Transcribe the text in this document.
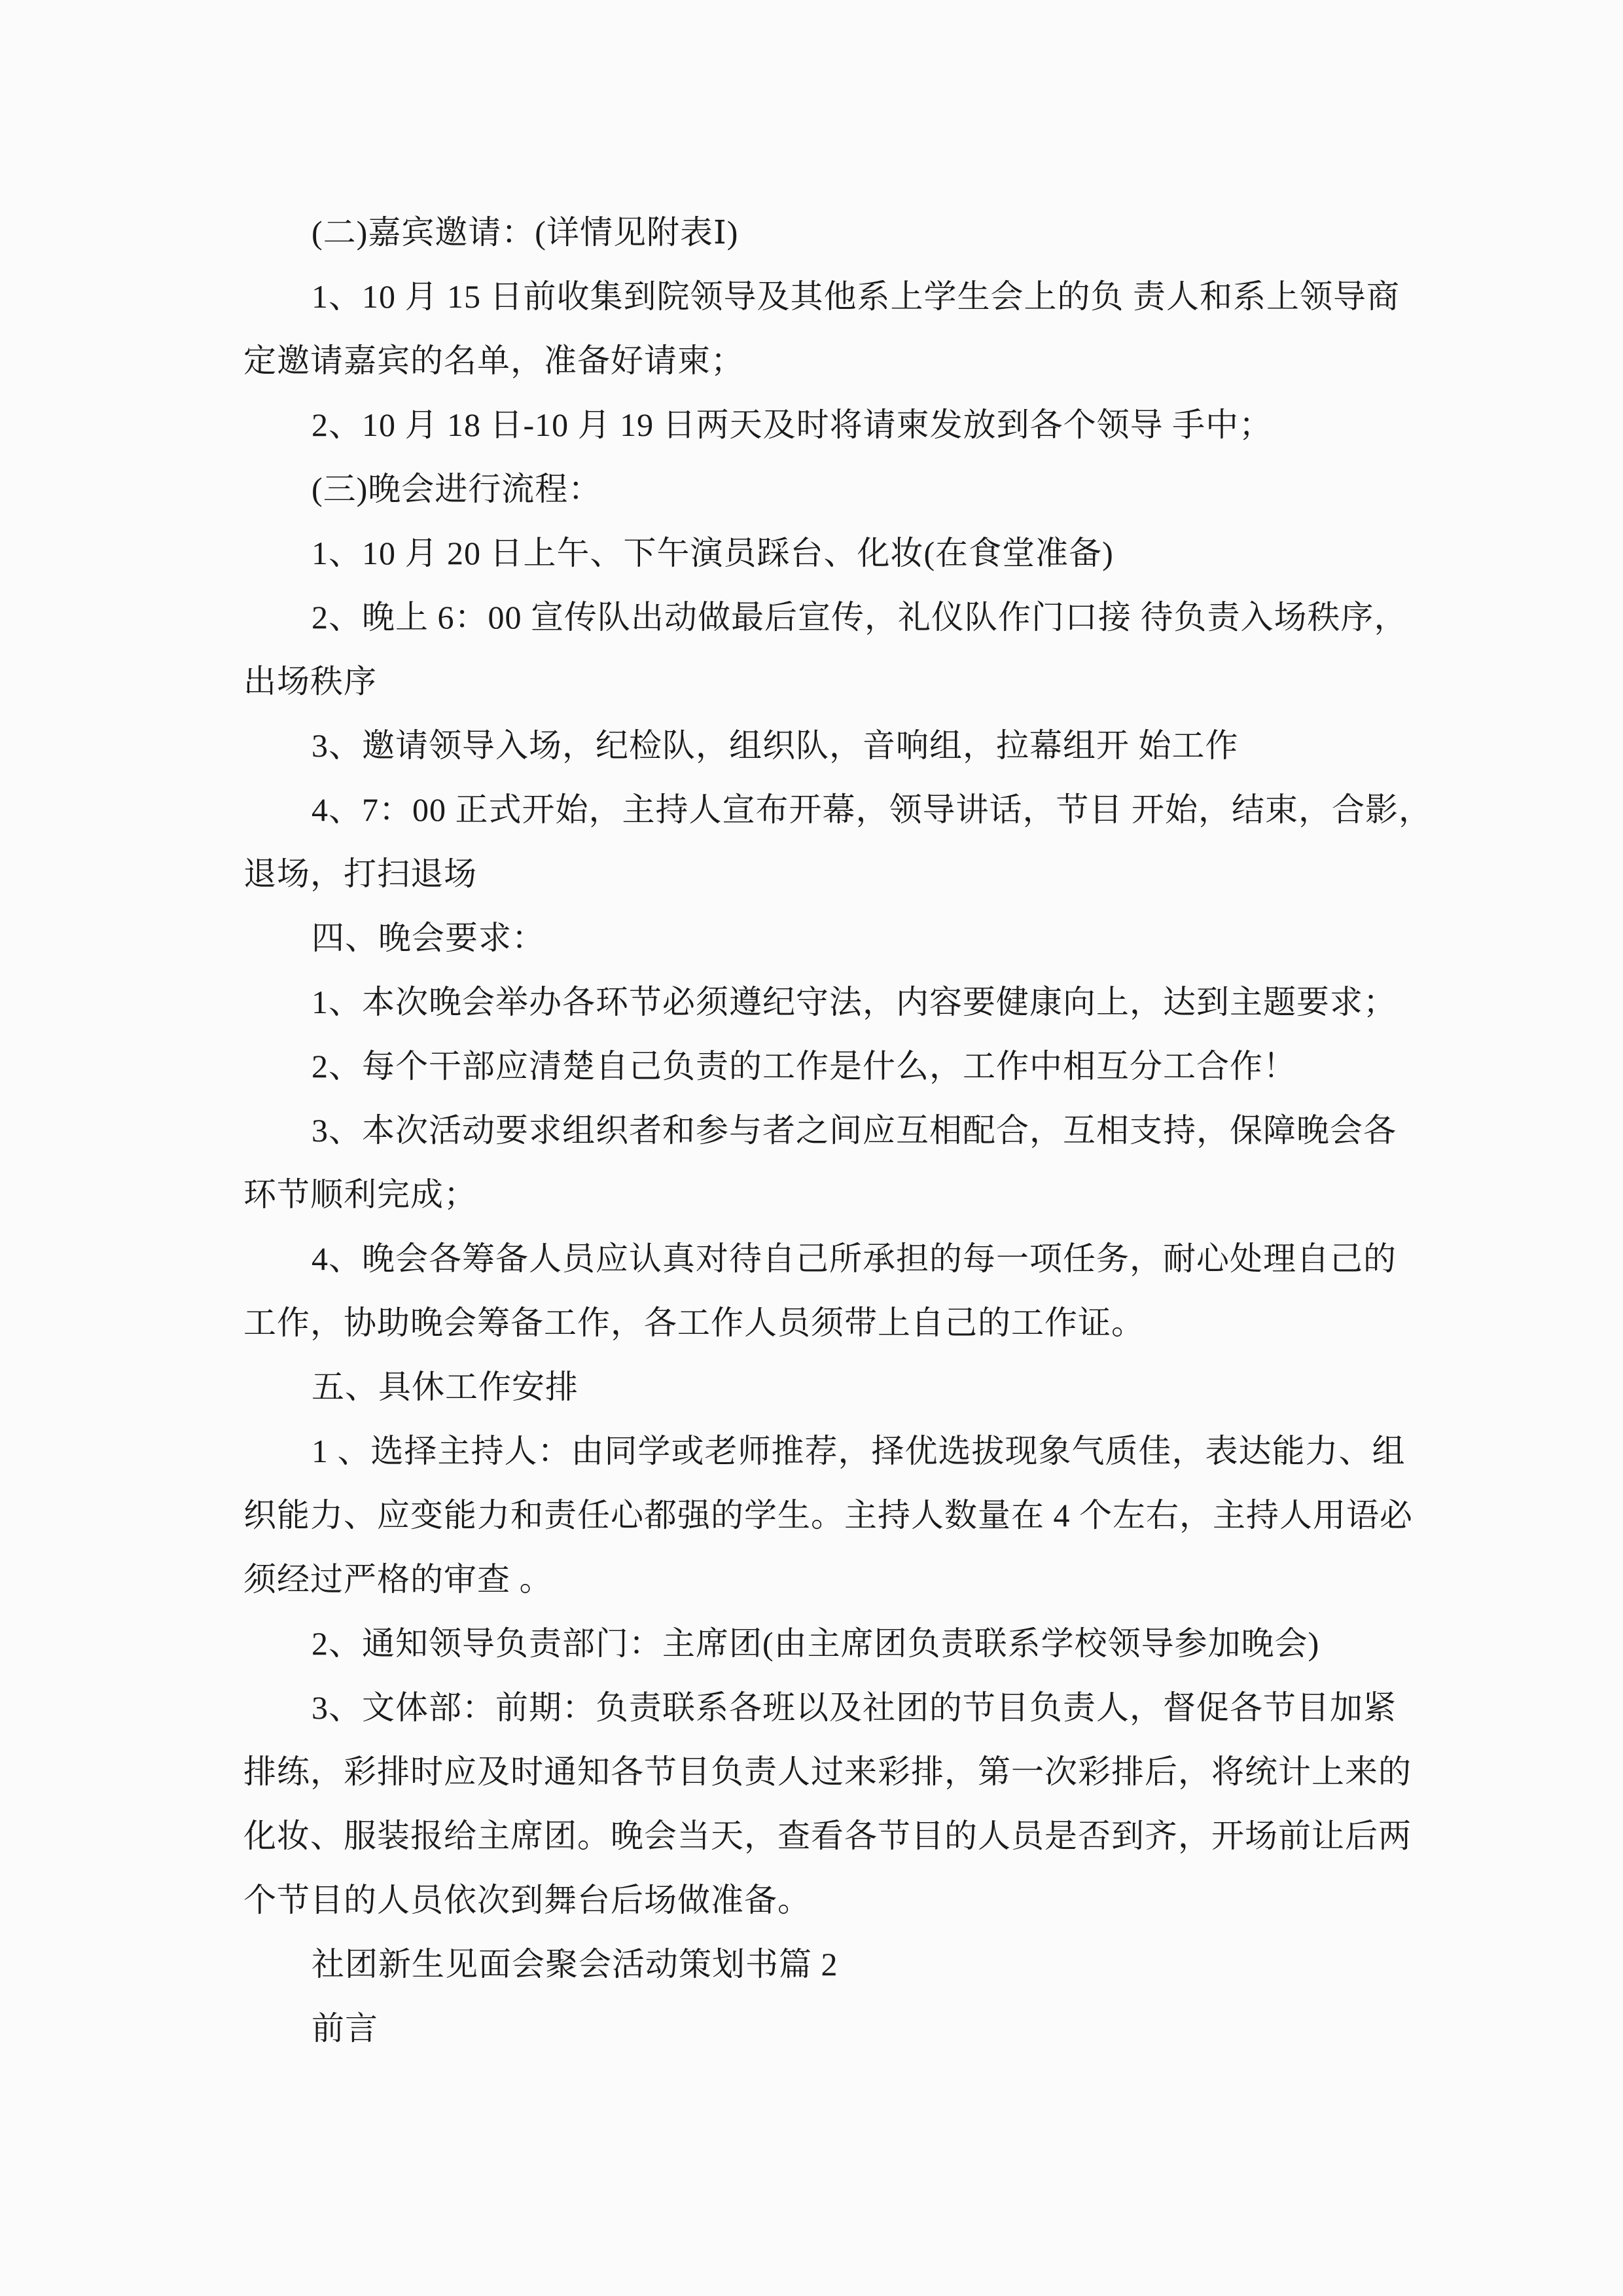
(二)嘉宾邀请：(详情见附表Ⅰ)
1、10 月 15 日前收集到院领导及其他系上学生会上的负 责人和系上领导商
定邀请嘉宾的名单，准备好请柬；
2、10 月 18 日-10 月 19 日两天及时将请柬发放到各个领导 手中；
(三)晚会进行流程：
1、10 月 20 日上午、下午演员踩台、化妆(在食堂准备)
2、晚上 6：00 宣传队出动做最后宣传，礼仪队作门口接 待负责入场秩序，
出场秩序
3、邀请领导入场，纪检队，组织队，音响组，拉幕组开 始工作
4、7：00 正式开始，主持人宣布开幕，领导讲话，节目 开始，结束，合影，
退场，打扫退场
四、晚会要求：
1、本次晚会举办各环节必须遵纪守法，内容要健康向上，达到主题要求；
2、每个干部应清楚自己负责的工作是什么，工作中相互分工合作！
3、本次活动要求组织者和参与者之间应互相配合，互相支持，保障晚会各
环节顺利完成；
4、晚会各筹备人员应认真对待自己所承担的每一项任务，耐心处理自己的
工作，协助晚会筹备工作，各工作人员须带上自己的工作证。
五、具休工作安排
1 、选择主持人：由同学或老师推荐，择优选拔现象气质佳，表达能力、组
织能力、应变能力和责任心都强的学生。主持人数量在 4 个左右，主持人用语必
须经过严格的审查 。
2、通知领导负责部门：主席团(由主席团负责联系学校领导参加晚会)
3、文体部：前期：负责联系各班以及社团的节目负责人，督促各节目加紧
排练，彩排时应及时通知各节目负责人过来彩排，第一次彩排后，将统计上来的
化妆、服装报给主席团。晚会当天，查看各节目的人员是否到齐，开场前让后两
个节目的人员依次到舞台后场做准备。
社团新生见面会聚会活动策划书篇 2
前言
